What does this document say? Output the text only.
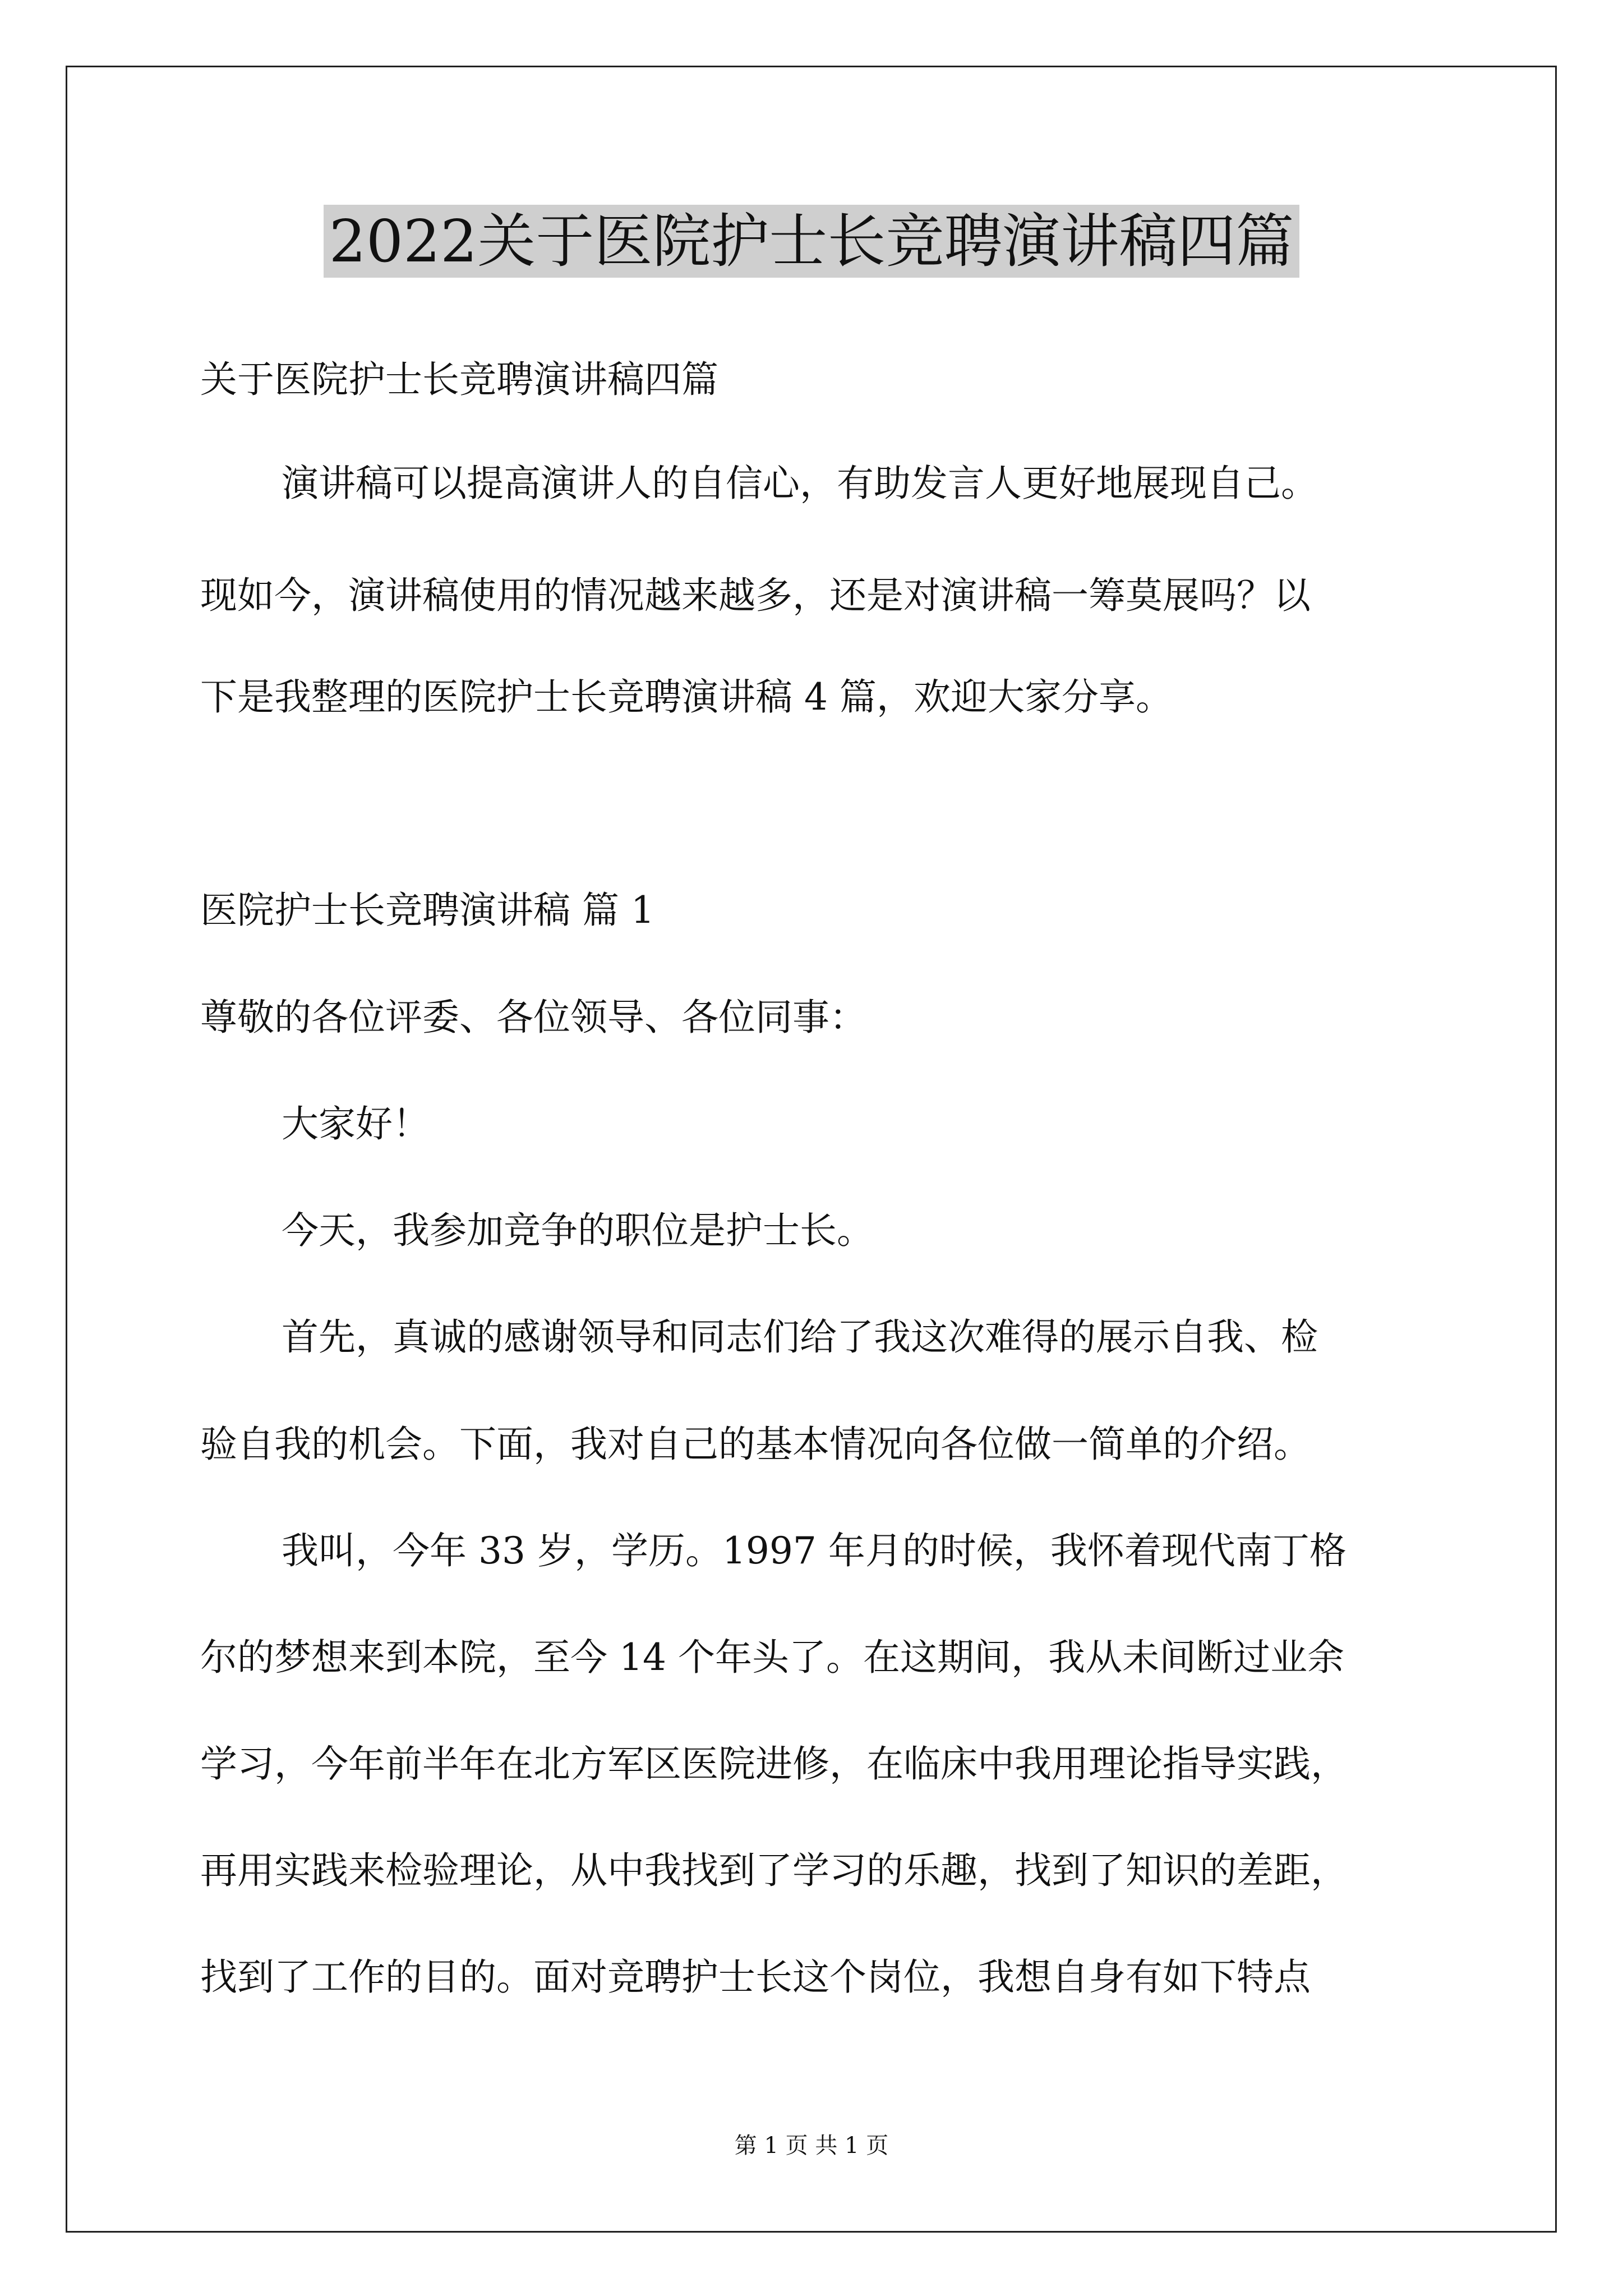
2022关于医院护士长竞聘演讲稿四篇
关于医院护士长竞聘演讲稿四篇
演讲稿可以提高演讲人的自信心，有助发言人更好地展现自己。
现如今，演讲稿使用的情况越来越多，还是对演讲稿一筹莫展吗？以
下是我整理的医院护士长竞聘演讲稿 4 篇，欢迎大家分享。
医院护士长竞聘演讲稿 篇 1
尊敬的各位评委、各位领导、各位同事：
大家好！
今天，我参加竞争的职位是护士长。
首先，真诚的感谢领导和同志们给了我这次难得的展示自我、检
验自我的机会。下面，我对自己的基本情况向各位做一简单的介绍。
我叫，今年 33 岁，学历。1997 年月的时候，我怀着现代南丁格
尔的梦想来到本院，至今 14 个年头了。在这期间，我从未间断过业余
学习，今年前半年在北方军区医院进修，在临床中我用理论指导实践，
再用实践来检验理论，从中我找到了学习的乐趣，找到了知识的差距，
找到了工作的目的。面对竞聘护士长这个岗位，我想自身有如下特点
第 1 页 共 1 页
